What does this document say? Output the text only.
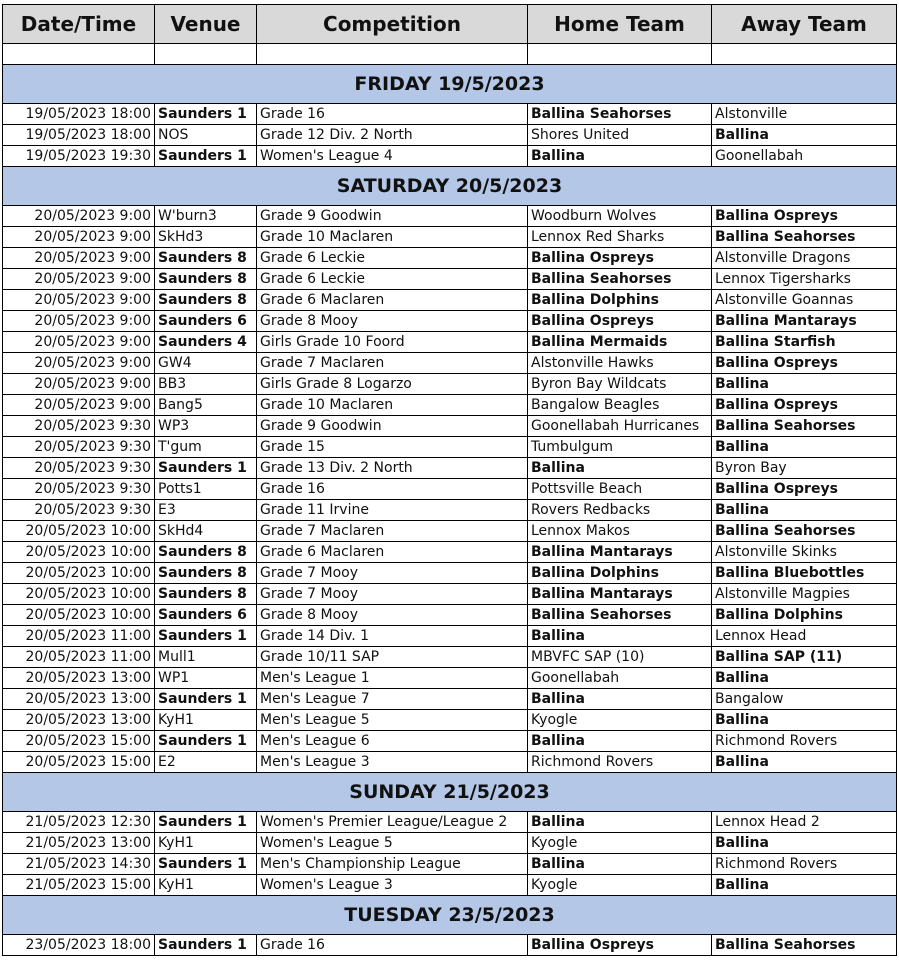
Date/Time	Venue	Competition	Home Team	Away Team

FRIDAY 19/5/2023				
19/05/2023 18:00	Saunders 1	Grade 16	Ballina Seahorses	Alstonville
19/05/2023 18:00	NOS	Grade 12 Div. 2 North	Shores United	Ballina
19/05/2023 19:30	Saunders 1	Women's League 4	Ballina	Goonellabah
SATURDAY 20/5/2023				
20/05/2023 9:00	W'burn3	Grade 9 Goodwin	Woodburn Wolves	Ballina Ospreys
20/05/2023 9:00	SkHd3	Grade 10 Maclaren	Lennox Red Sharks	Ballina Seahorses
20/05/2023 9:00	Saunders 8	Grade 6 Leckie	Ballina Ospreys	Alstonville Dragons
20/05/2023 9:00	Saunders 8	Grade 6 Leckie	Ballina Seahorses	Lennox Tigersharks
20/05/2023 9:00	Saunders 8	Grade 6 Maclaren	Ballina Dolphins	Alstonville Goannas
20/05/2023 9:00	Saunders 6	Grade 8 Mooy	Ballina Ospreys	Ballina Mantarays
20/05/2023 9:00	Saunders 4	Girls Grade 10 Foord	Ballina Mermaids	Ballina Starfish
20/05/2023 9:00	GW4	Grade 7 Maclaren	Alstonville Hawks	Ballina Ospreys
20/05/2023 9:00	BB3	Girls Grade 8 Logarzo	Byron Bay Wildcats	Ballina
20/05/2023 9:00	Bang5	Grade 10 Maclaren	Bangalow Beagles	Ballina Ospreys
20/05/2023 9:30	WP3	Grade 9 Goodwin	Goonellabah Hurricanes	Ballina Seahorses
20/05/2023 9:30	T'gum	Grade 15	Tumbulgum	Ballina
20/05/2023 9:30	Saunders 1	Grade 13 Div. 2 North	Ballina	Byron Bay
20/05/2023 9:30	Potts1	Grade 16	Pottsville Beach	Ballina Ospreys
20/05/2023 9:30	E3	Grade 11 Irvine	Rovers Redbacks	Ballina
20/05/2023 10:00	SkHd4	Grade 7 Maclaren	Lennox Makos	Ballina Seahorses
20/05/2023 10:00	Saunders 8	Grade 6 Maclaren	Ballina Mantarays	Alstonville Skinks
20/05/2023 10:00	Saunders 8	Grade 7 Mooy	Ballina Dolphins	Ballina Bluebottles
20/05/2023 10:00	Saunders 8	Grade 7 Mooy	Ballina Mantarays	Alstonville Magpies
20/05/2023 10:00	Saunders 6	Grade 8 Mooy	Ballina Seahorses	Ballina Dolphins
20/05/2023 11:00	Saunders 1	Grade 14 Div. 1	Ballina	Lennox Head
20/05/2023 11:00	Mull1	Grade 10/11 SAP	MBVFC SAP (10)	Ballina SAP (11)
20/05/2023 13:00	WP1	Men's League 1	Goonellabah	Ballina
20/05/2023 13:00	Saunders 1	Men's League 7	Ballina	Bangalow
20/05/2023 13:00	KyH1	Men's League 5	Kyogle	Ballina
20/05/2023 15:00	Saunders 1	Men's League 6	Ballina	Richmond Rovers
20/05/2023 15:00	E2	Men's League 3	Richmond Rovers	Ballina
SUNDAY 21/5/2023				
21/05/2023 12:30	Saunders 1	Women's Premier League/League 2	Ballina	Lennox Head 2
21/05/2023 13:00	KyH1	Women's League 5	Kyogle	Ballina
21/05/2023 14:30	Saunders 1	Men's Championship League	Ballina	Richmond Rovers
21/05/2023 15:00	KyH1	Women's League 3	Kyogle	Ballina
TUESDAY 23/5/2023				
23/05/2023 18:00	Saunders 1	Grade 16	Ballina Ospreys	Ballina Seahorses
